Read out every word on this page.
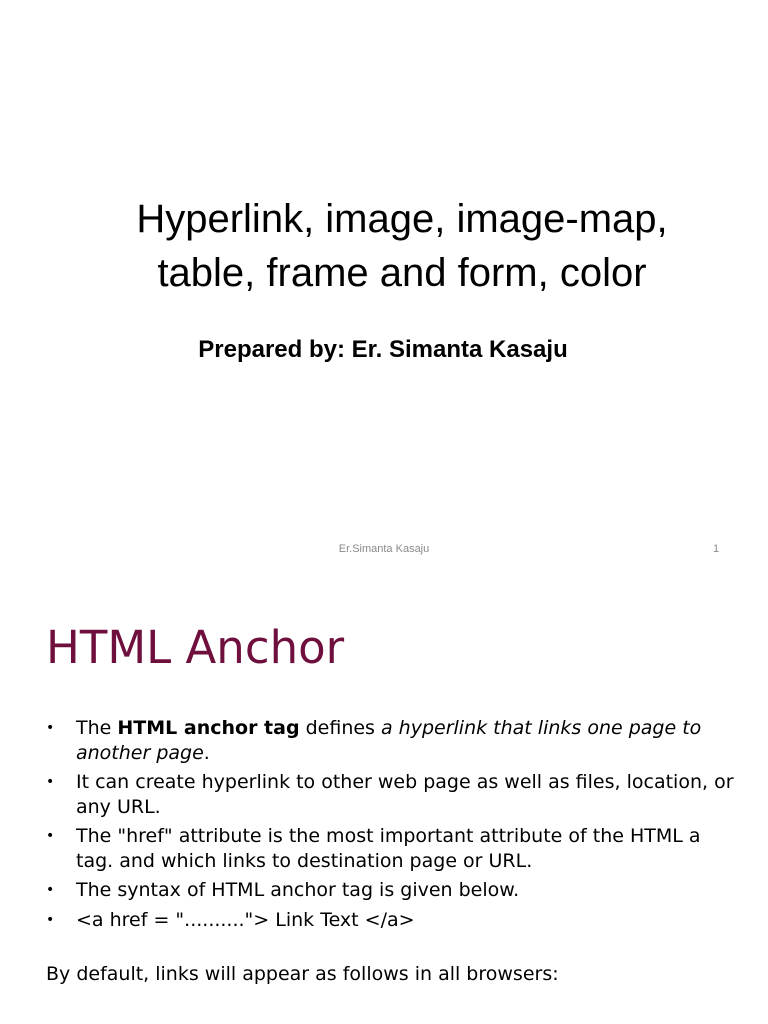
Hyperlink, image, image-map,
table, frame and form, color
Prepared by: Er. Simanta Kasaju
Er.Simanta Kasaju	1
HTML Anchor
• The HTML anchor tag defines a hyperlink that links one page to another page.
• It can create hyperlink to other web page as well as files, location, or any URL.
• The "href" attribute is the most important attribute of the HTML a tag. and which links to destination page or URL.
• The syntax of HTML anchor tag is given below.
• <a href = ".........."> Link Text </a>
By default, links will appear as follows in all browsers:
